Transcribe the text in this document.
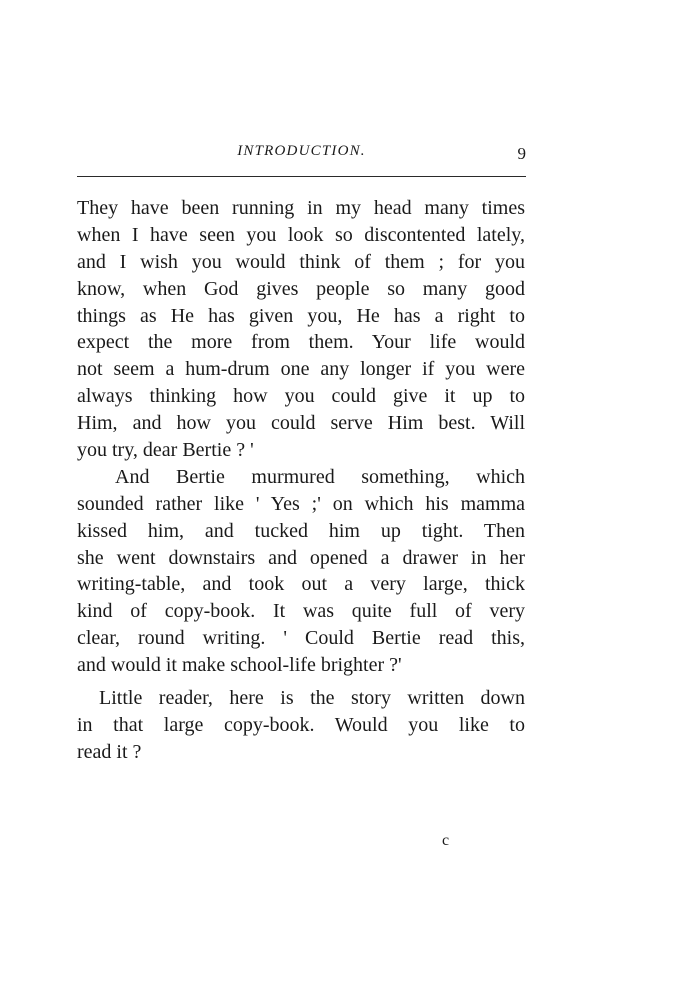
INTRODUCTION.	9
They have been running in my head many times
when I have seen you look so discontented lately,
and I wish you would think of them ; for you
know, when God gives people so many good
things as He has given you, He has a right to
expect the more from them. Your life would
not seem a hum-drum one any longer if you were
always thinking how you could give it up to
Him, and how you could serve Him best. Will
you try, dear Bertie ? '
And Bertie murmured something, which
sounded rather like ' Yes ;' on which his mamma
kissed him, and tucked him up tight. Then
she went downstairs and opened a drawer in her
writing-table, and took out a very large, thick
kind of copy-book. It was quite full of very
clear, round writing. ' Could Bertie read this,
and would it make school-life brighter ?'
Little reader, here is the story written down
in that large copy-book. Would you like to
read it ?
c
